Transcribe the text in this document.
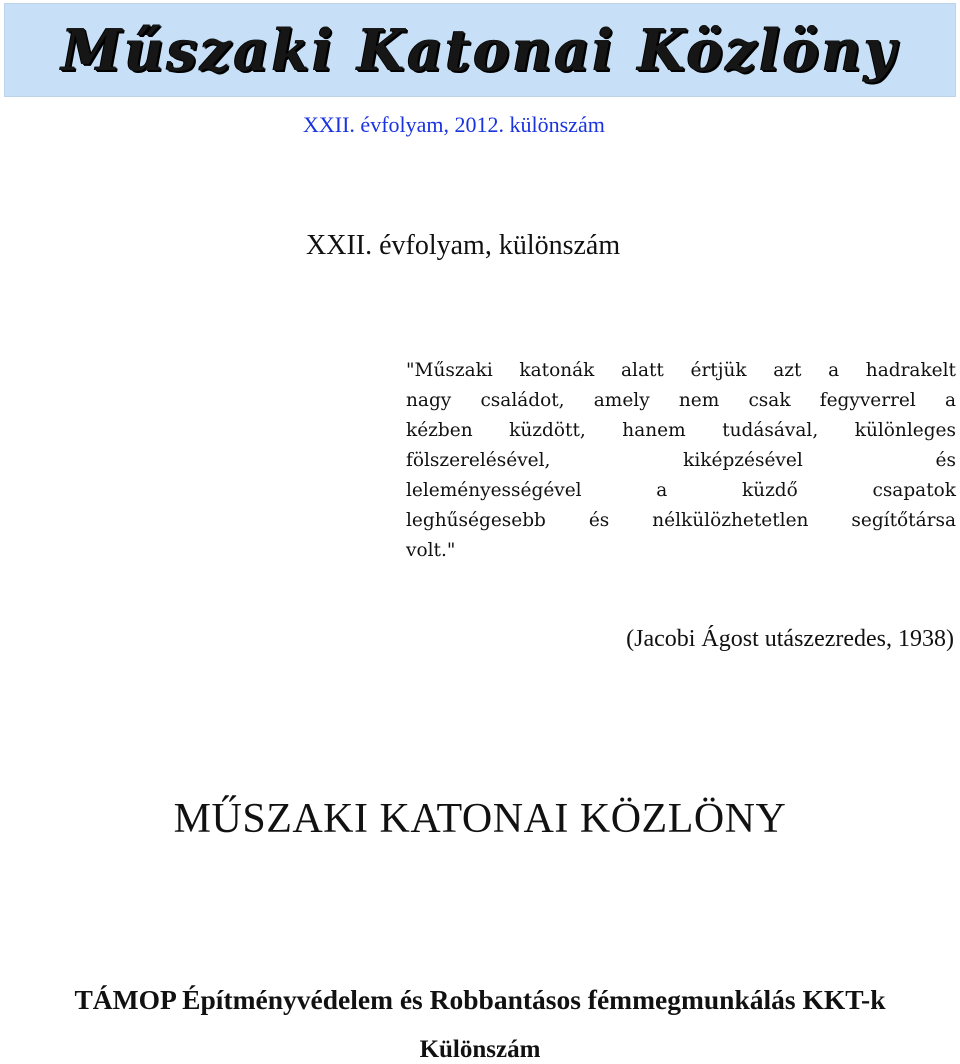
Műszaki Katonai Közlöny
XXII. évfolyam, 2012. különszám
XXII. évfolyam, különszám
"Műszaki katonák alatt értjük azt a hadrakelt
nagy családot, amely nem csak fegyverrel a
kézben küzdött, hanem tudásával, különleges
fölszerelésével,	kiképzésével	és
leleményességével	a	küzdő	csapatok
leghűségesebb és nélkülözhetetlen segítőtársa
volt."
(Jacobi Ágost utászezredes, 1938)
MŰSZAKI KATONAI KÖZLÖNY
TÁMOP Építményvédelem és Robbantásos fémmegmunkálás KKT-k
Különszám
